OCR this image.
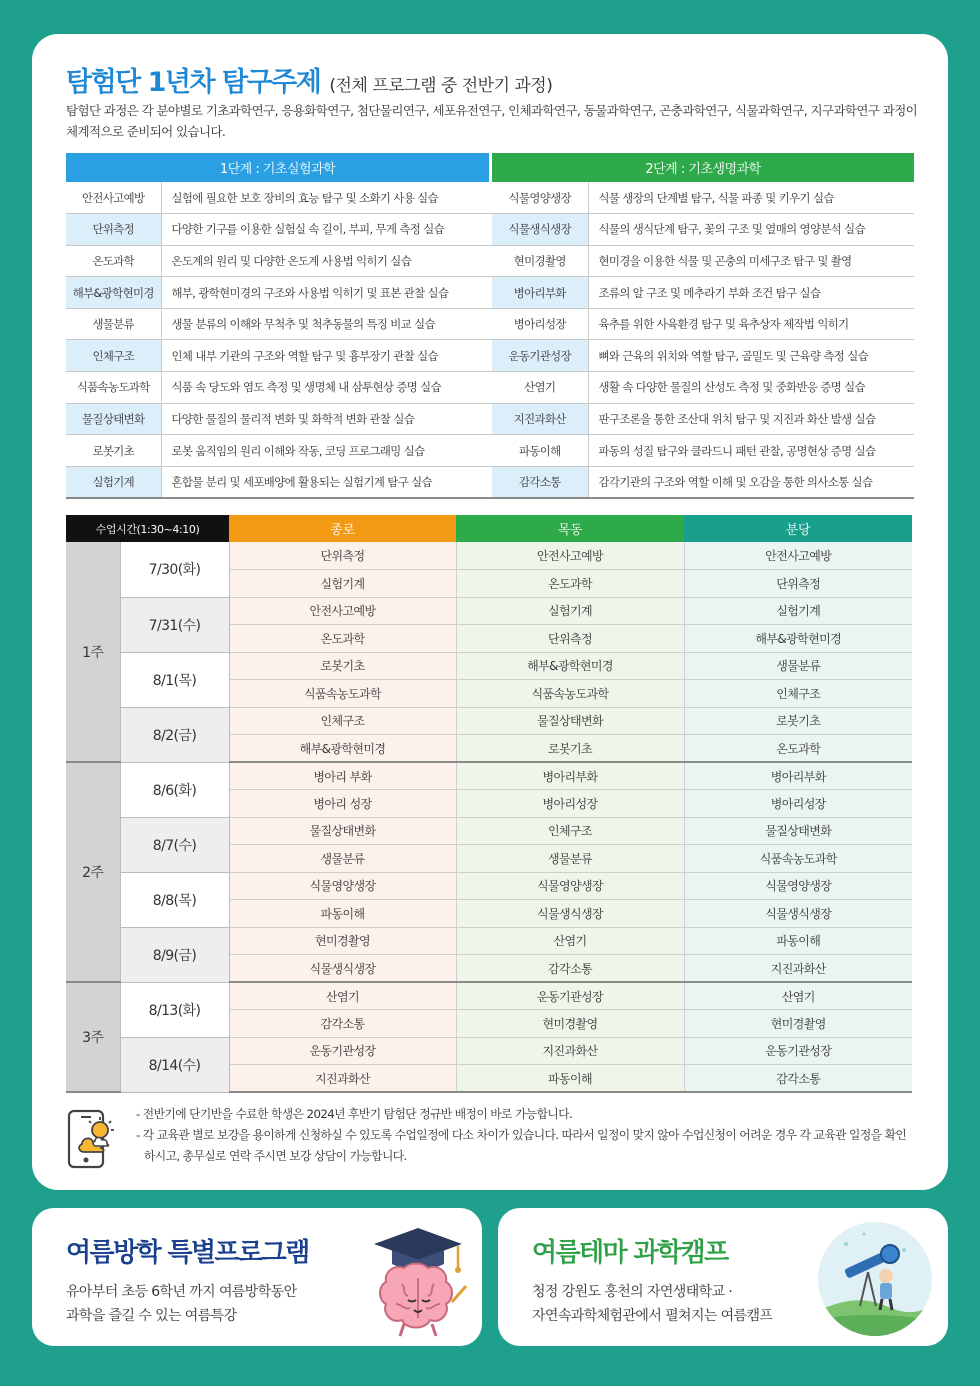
탐험단 1년차 탐구주제 (전체 프로그램 중 전반기 과정)
탐험단 과정은 각 분야별로 기초과학연구, 응용화학연구, 첨단물리연구, 세포유전연구, 인체과학연구, 동물과학연구, 곤충과학연구, 식물과학연구, 지구과학연구 과정이 체계적으로 준비되어 있습니다.
1단계 : 기초실험과학			2단계 : 기초생명과학	
안전사고예방	실험에 필요한 보호 장비의 효능 탐구 및 소화기 사용 실습		식물영양생장	식물 생장의 단계별 탐구, 식물 파종 및 키우기 실습
단위측정	다양한 기구를 이용한 실험실 속 길이, 부피, 무게 측정 실습		식물생식생장	식물의 생식단계 탐구, 꽃의 구조 및 열매의 영양분석 실습
온도과학	온도계의 원리 및 다양한 온도계 사용법 익히기 실습		현미경촬영	현미경을 이용한 식물 및 곤충의 미세구조 탐구 및 촬영
해부&광학현미경	해부, 광학현미경의 구조와 사용법 익히기 및 표본 관찰 실습		병아리부화	조류의 알 구조 및 메추라기 부화 조건 탐구 실습
생물분류	생물 분류의 이해와 무척추 및 척추동물의 특징 비교 실습		병아리성장	육추를 위한 사육환경 탐구 및 육추상자 제작법 익히기
인체구조	인체 내부 기관의 구조와 역할 탐구 및 흉부장기 관찰 실습		운동기관성장	뼈와 근육의 위치와 역할 탐구, 골밀도 및 근육량 측정 실습
식품속농도과학	식품 속 당도와 염도 측정 및 생명체 내 삼투현상 증명 실습		산염기	생활 속 다양한 물질의 산성도 측정 및 중화반응 증명 실습
물질상태변화	다양한 물질의 물리적 변화 및 화학적 변화 관찰 실습		지진과화산	판구조론을 통한 조산대 위치 탐구 및 지진과 화산 발생 실습
로봇기초	로봇 움직임의 원리 이해와 작동, 코딩 프로그래밍 실습		파동이해	파동의 성질 탐구와 클라드니 패턴 관찰, 공명현상 증명 실습
실험기계	혼합물 분리 및 세포배양에 활용되는 실험기계 탐구 실습		감각소통	감각기관의 구조와 역할 이해 및 오감을 통한 의사소통 실습
수업시간(1:30~4:10)		종로	목동	분당
1주	7/30(화)	단위측정	안전사고예방	안전사고예방
		실험기계	온도과학	단위측정
	7/31(수)	안전사고예방	실험기계	실험기계
		온도과학	단위측정	해부&광학현미경
	8/1(목)	로봇기초	해부&광학현미경	생물분류
		식품속농도과학	식품속농도과학	인체구조
	8/2(금)	인체구조	물질상태변화	로봇기초
		해부&광학현미경	로봇기초	온도과학
2주	8/6(화)	병아리 부화	병아리부화	병아리부화
		병아리 성장	병아리성장	병아리성장
	8/7(수)	물질상태변화	인체구조	물질상태변화
		생물분류	생물분류	식품속농도과학
	8/8(목)	식물영양생장	식물영양생장	식물영양생장
		파동이해	식물생식생장	식물생식생장
	8/9(금)	현미경촬영	산염기	파동이해
		식물생식생장	감각소통	지진과화산
3주	8/13(화)	산염기	운동기관성장	산염기
		감각소통	현미경촬영	현미경촬영
	8/14(수)	운동기관성장	지진과화산	운동기관성장
		지진과화산	파동이해	감각소통
- 전반기에 단기반을 수료한 학생은 2024년 후반기 탐험단 정규반 배정이 바로 가능합니다.
- 각 교육관 별로 보강을 용이하게 신청하실 수 있도록 수업일정에 다소 차이가 있습니다. 따라서 일정이 맞지 않아 수업신청이 어려운 경우 각 교육관 일정을 확인하시고, 총무실로 연락 주시면 보강 상담이 가능합니다.
여름방학 특별프로그램

유아부터 초등 6학년 까지 여름방학동안
과학을 즐길 수 있는 여름특강

여름테마 과학캠프

청정 강원도 홍천의 자연생태학교 ·
자연속과학체험관에서 펼쳐지는 여름캠프
